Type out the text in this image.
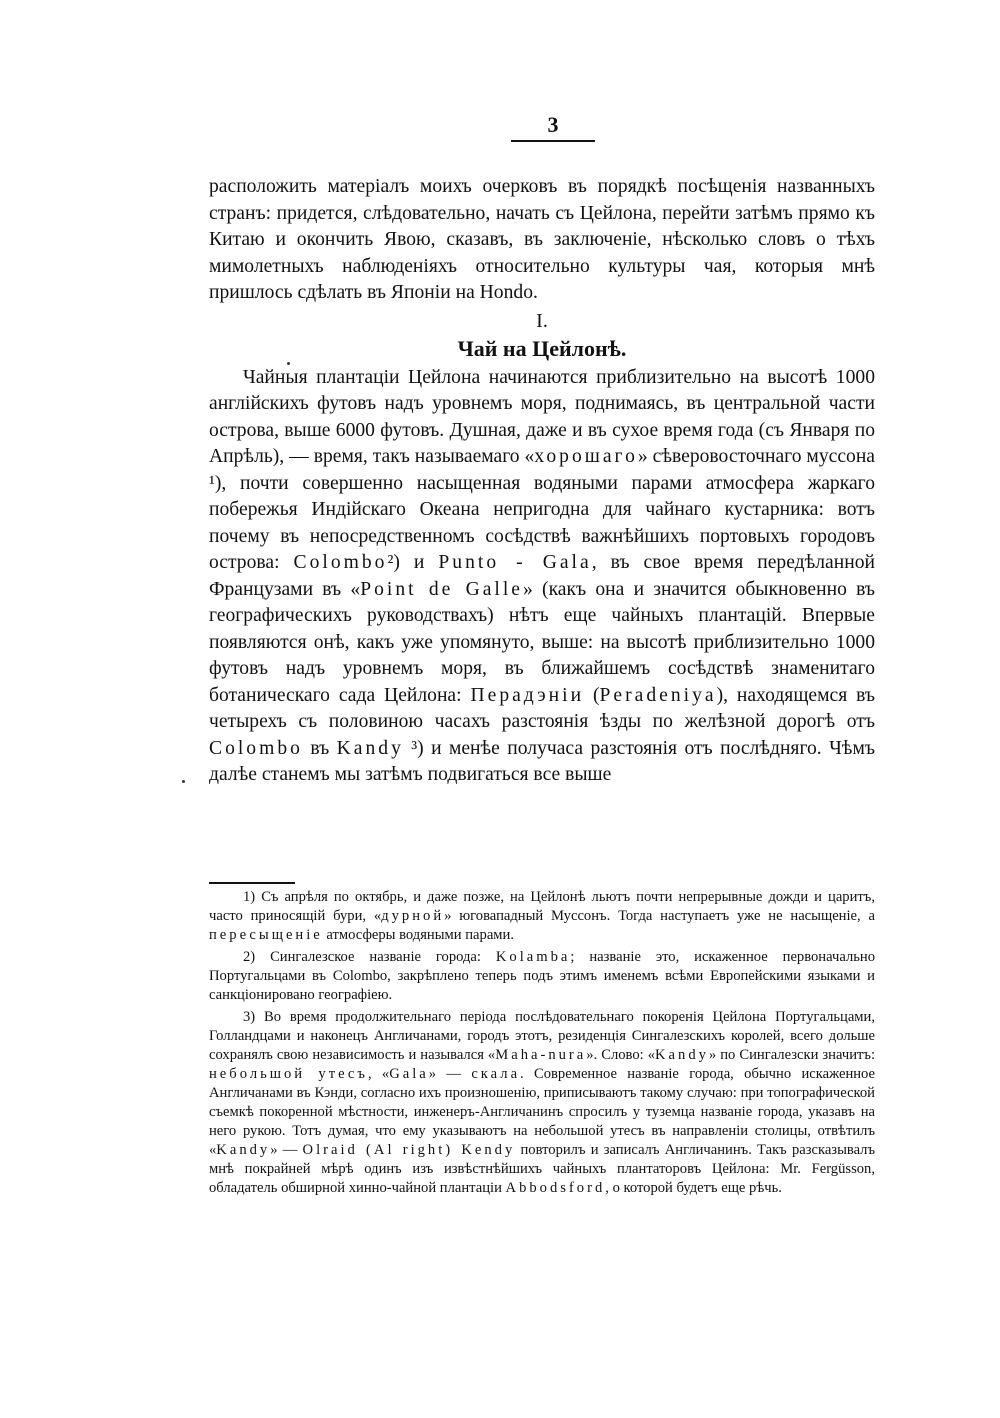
3

расположить матеріалъ моихъ очерковъ въ порядкѣ посѣщенія названныхъ странъ: придется, слѣдовательно, начать съ Цейлона, перейти затѣмъ прямо къ Китаю и окончить Явою, сказавъ, въ заключеніе, нѣсколько словъ о тѣхъ мимолетныхъ наблюденіяхъ относительно культуры чая, которыя мнѣ пришлось сдѣлать въ Японіи на Hondo.

I.
Чай на Цейлонѣ.

Чайныя плантаціи Цейлона начинаются приблизительно на высотѣ 1000 англійскихъ футовъ надъ уровнемъ моря, поднимаясь, въ центральной части острова, выше 6000 футовъ. Душная, даже и въ сухое время года (съ Января по Апрѣль), — время, такъ называемаго «хорошаго» сѣверовосточнаго муссона ¹), почти совершенно насыщенная водяными парами атмосфера жаркаго побережья Индійскаго Океана непригодна для чайнаго кустарника: вотъ почему въ непосредственномъ сосѣдствѣ важнѣйшихъ портовыхъ городовъ острова: Colombo²) и Punto - Gala, въ свое время передѣланной Французами въ «Point de Galle» (какъ она и значится обыкновенно въ географическихъ руководствахъ) нѣтъ еще чайныхъ плантацій. Впервые появляются онѣ, какъ уже упомянуто, выше: на высотѣ приблизительно 1000 футовъ надъ уровнемъ моря, въ ближайшемъ сосѣдствѣ знаменитаго ботаническаго сада Цейлона: Перадэніи (Peradeniya), находящемся въ четырехъ съ половиною часахъ разстоянія ѣзды по желѣзной дорогѣ отъ Colombo въ Kandy ³) и менѣе получаса разстоянія отъ послѣдняго. Чѣмъ далѣе станемъ мы затѣмъ подвигаться все выше

1) Съ апрѣля по октябрь, и даже позже, на Цейлонѣ льютъ почти непрерывные дожди и царитъ, часто приносящій бури, «дурной» юговападный Муссонъ. Тогда наступаетъ уже не насыщеніе, а пересыщеніе атмосферы водяными парами.

2) Сингалезское названіе города: Kolamba; названіе это, искаженное первоначально Португальцами въ Colombo, закрѣплено теперь подъ этимъ именемъ всѣми Европейскими языками и санкціонировано географіею.

3) Во время продолжительнаго періода послѣдовательнаго покоренія Цейлона Португальцами, Голландцами и наконецъ Англичанами, городъ этотъ, резиденція Сингалезскихъ королей, всего дольше сохранялъ свою независимость и назывался «Maha-nura». Слово: «Kandy» по Сингалезски значитъ: небольшой утесъ, «Gala» — скала. Современное названіе города, обычно искаженное Англичанами въ Кэнди, согласно ихъ произношенію, приписываютъ такому случаю: при топографической съемкѣ покоренной мѣстности, инженеръ-Англичанинъ спросилъ у туземца названіе города, указавъ на него рукою. Тотъ думая, что ему указываютъ на небольшой утесъ въ направленіи столицы, отвѣтилъ «Kandy» — Olraid (Al right) Kendy повторилъ и записалъ Англичанинъ. Такъ разсказывалъ мнѣ покрайней мѣрѣ одинъ изъ извѣстнѣйшихъ чайныхъ плантаторовъ Цейлона: Mr. Fergüsson, обладатель обширной хинно-чайной плантаціи Abbodsford, о которой будетъ еще рѣчь.
